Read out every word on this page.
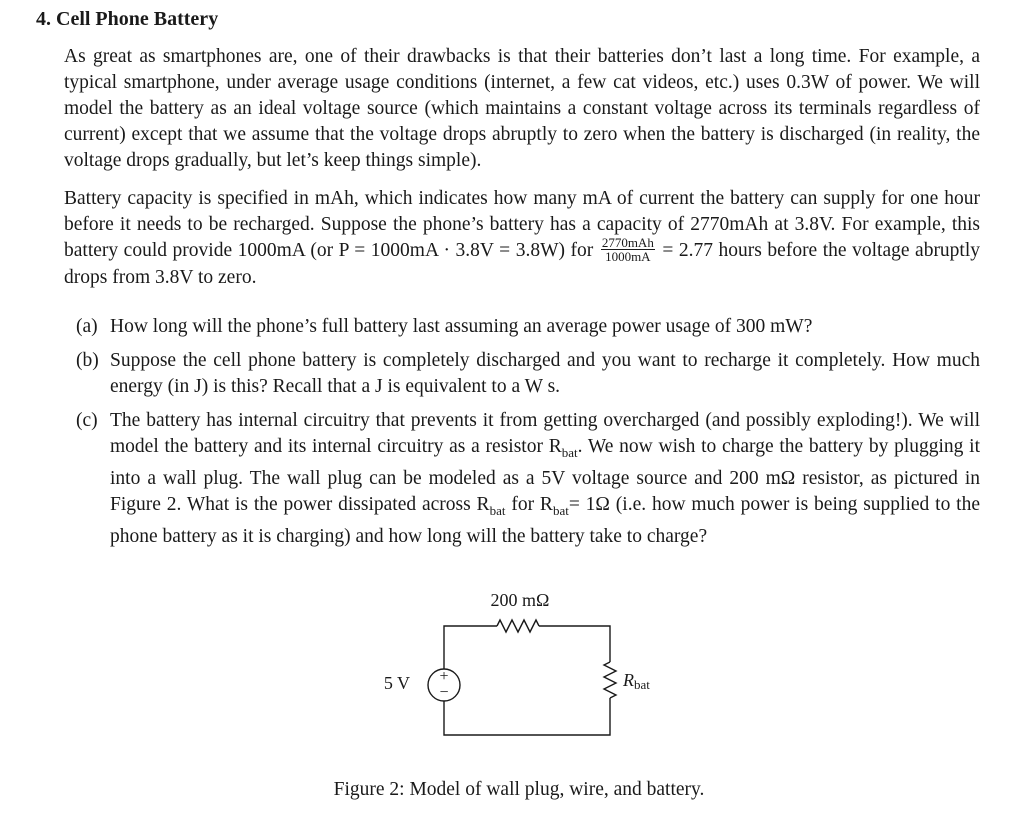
4. Cell Phone Battery
As great as smartphones are, one of their drawbacks is that their batteries don’t last a long time. For example, a typical smartphone, under average usage conditions (internet, a few cat videos, etc.) uses 0.3W of power. We will model the battery as an ideal voltage source (which maintains a constant voltage across its terminals regardless of current) except that we assume that the voltage drops abruptly to zero when the battery is discharged (in reality, the voltage drops gradually, but let’s keep things simple).
Battery capacity is specified in mAh, which indicates how many mA of current the battery can supply for one hour before it needs to be recharged. Suppose the phone’s battery has a capacity of 2770mAh at 3.8V. For example, this battery could provide 1000mA (or P = 1000mA · 3.8V = 3.8W) for $\frac{\text{2770mAh}}{1000mA} = 2.77$ hours before the voltage abruptly drops from 3.8V to zero.
(a) How long will the phone’s full battery last assuming an average power usage of 300 mW?
(b) Suppose the cell phone battery is completely discharged and you want to recharge it completely. How much energy (in J) is this? Recall that a J is equivalent to a W s.
(c) The battery has internal circuitry that prevents it from getting overcharged (and possibly exploding!). We will model the battery and its internal circuitry as a resistor $R_{bat}$. We now wish to charge the battery by plugging it into a wall plug. The wall plug can be modeled as a 5V voltage source and 200 mΩ resistor, as pictured in Figure 2. What is the power dissipated across $R_{bat}$ for $R_{bat}= 1\Omega$ (i.e. how much power is being supplied to the phone battery as it is charging) and how long will the battery take to charge?
+
−
200 mΩ
5 V	Rbat
Figure 2: Model of wall plug, wire, and battery.
